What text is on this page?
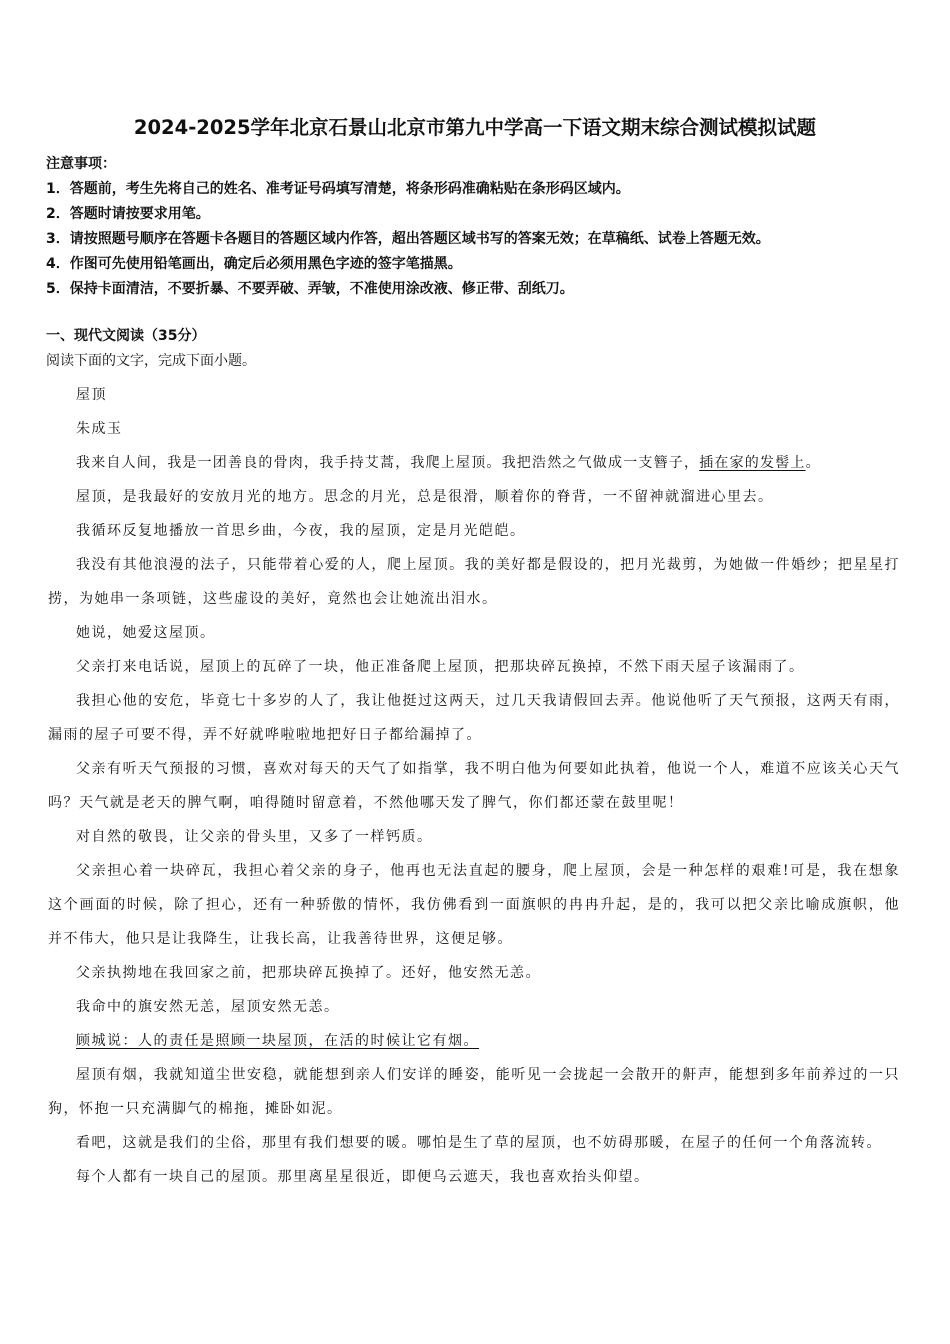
2024-2025学年北京石景山北京市第九中学高一下语文期末综合测试模拟试题
注意事项：
1．答题前，考生先将自己的姓名、准考证号码填写清楚，将条形码准确粘贴在条形码区域内。
2．答题时请按要求用笔。
3．请按照题号顺序在答题卡各题目的答题区域内作答，超出答题区域书写的答案无效；在草稿纸、试卷上答题无效。
4．作图可先使用铅笔画出，确定后必须用黑色字迹的签字笔描黑。
5．保持卡面清洁，不要折暴、不要弄破、弄皱，不准使用涂改液、修正带、刮纸刀。
一、现代文阅读（35分）
阅读下面的文字，完成下面小题。

屋顶

朱成玉

我来自人间，我是一团善良的骨肉，我手持艾蒿，我爬上屋顶。我把浩然之气做成一支簪子，插在家的发髻上。

屋顶，是我最好的安放月光的地方。思念的月光，总是很滑，顺着你的脊背，一不留神就溜进心里去。

我循环反复地播放一首思乡曲，今夜，我的屋顶，定是月光皑皑。

我没有其他浪漫的法子，只能带着心爱的人，爬上屋顶。我的美好都是假设的，把月光裁剪，为她做一件婚纱；把星星打捞，为她串一条项链，这些虚设的美好，竟然也会让她流出泪水。

她说，她爱这屋顶。

父亲打来电话说，屋顶上的瓦碎了一块，他正准备爬上屋顶，把那块碎瓦换掉，不然下雨天屋子该漏雨了。

我担心他的安危，毕竟七十多岁的人了，我让他挺过这两天，过几天我请假回去弄。他说他听了天气预报，这两天有雨，漏雨的屋子可要不得，弄不好就哗啦啦地把好日子都给漏掉了。

父亲有听天气预报的习惯，喜欢对每天的天气了如指掌，我不明白他为何要如此执着，他说一个人，难道不应该关心天气吗？天气就是老天的脾气啊，咱得随时留意着，不然他哪天发了脾气，你们都还蒙在鼓里呢！

对自然的敬畏，让父亲的骨头里，又多了一样钙质。

父亲担心着一块碎瓦，我担心着父亲的身子，他再也无法直起的腰身，爬上屋顶，会是一种怎样的艰难!可是，我在想象这个画面的时候，除了担心，还有一种骄傲的情怀，我仿佛看到一面旗帜的冉冉升起，是的，我可以把父亲比喻成旗帜，他并不伟大，他只是让我降生，让我长高，让我善待世界，这便足够。

父亲执拗地在我回家之前，把那块碎瓦换掉了。还好，他安然无恙。

我命中的旗安然无恙，屋顶安然无恙。

顾城说：人的责任是照顾一块屋顶，在活的时候让它有烟。

屋顶有烟，我就知道尘世安稳，就能想到亲人们安详的睡姿，能听见一会拢起一会散开的鼾声，能想到多年前养过的一只狗，怀抱一只充满脚气的棉拖，摊卧如泥。

看吧，这就是我们的尘俗，那里有我们想要的暖。哪怕是生了草的屋顶，也不妨碍那暖，在屋子的任何一个角落流转。

每个人都有一块自己的屋顶。那里离星星很近，即便乌云遮天，我也喜欢抬头仰望。
